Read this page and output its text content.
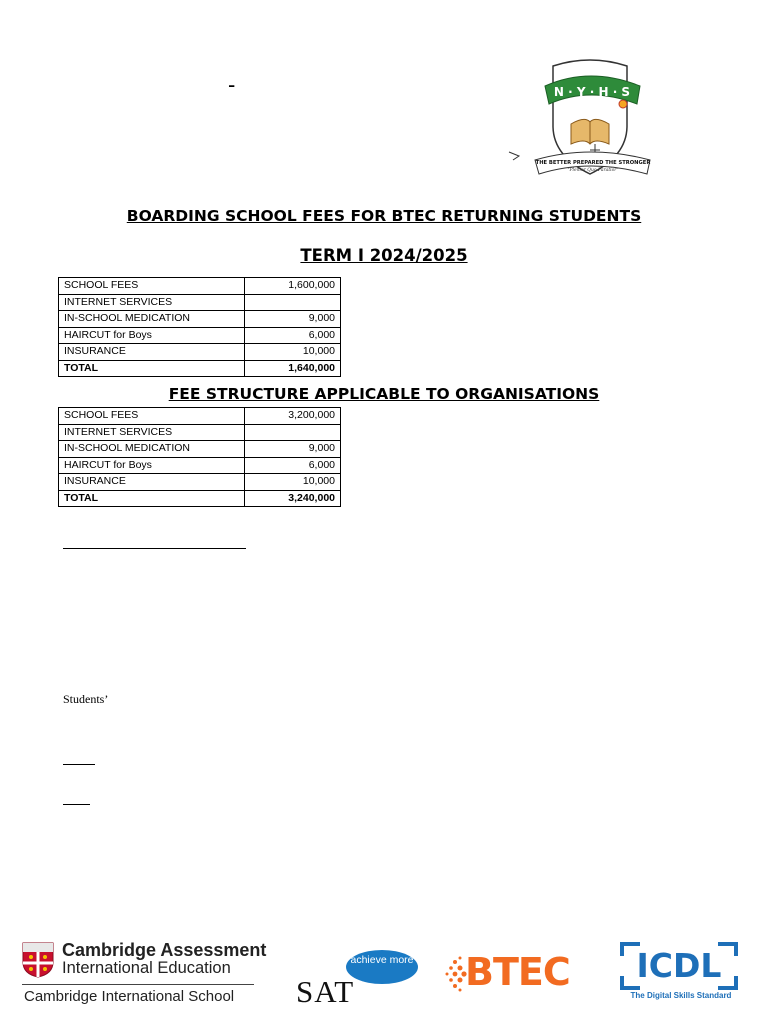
-	N · Y · H · S
THE BETTER PREPARED THE STRONGER
"Plenior Quo Paratior"
BOARDING SCHOOL FEES FOR BTEC RETURNING STUDENTS
TERM I 2024/2025
SCHOOL FEES	1,600,000
INTERNET SERVICES	
IN-SCHOOL MEDICATION	9,000
HAIRCUT for Boys	6,000
INSURANCE	10,000
TOTAL	1,640,000
FEE STRUCTURE APPLICABLE TO ORGANISATIONS
SCHOOL FEES	3,200,000
INTERNET SERVICES	
IN-SCHOOL MEDICATION	9,000
HAIRCUT for Boys	6,000
INSURANCE	10,000
TOTAL	3,240,000
Students’
Cambridge Assessment
International Education
Cambridge International School
achieve more
SAT	BTEC	ICDL
The Digital Skills Standard
